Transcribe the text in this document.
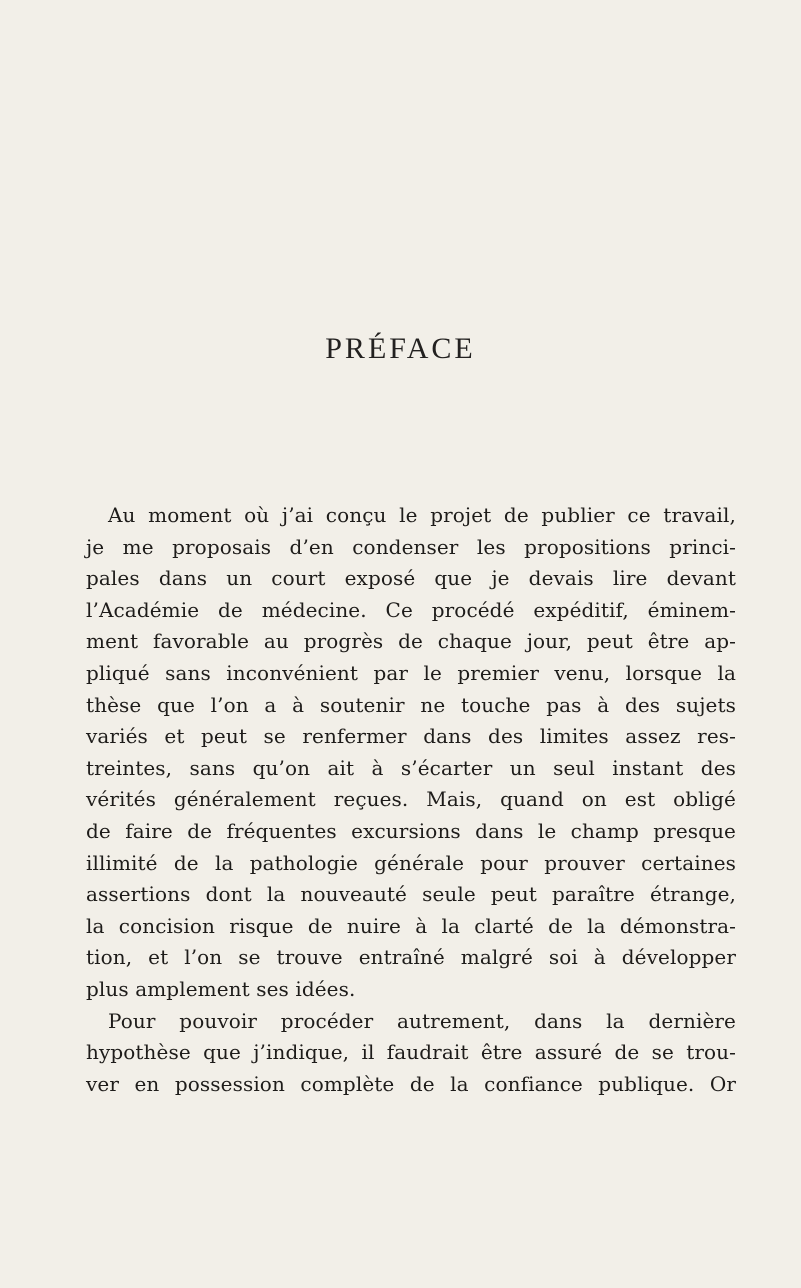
PRÉFACE
Au moment où j’ai conçu le projet de publier ce travail,
je me proposais d’en condenser les propositions princi-
pales dans un court exposé que je devais lire devant
l’Académie de médecine. Ce procédé expéditif, éminem-
ment favorable au progrès de chaque jour, peut être ap-
pliqué sans inconvénient par le premier venu, lorsque la
thèse que l’on a à soutenir ne touche pas à des sujets
variés et peut se renfermer dans des limites assez res-
treintes, sans qu’on ait à s’écarter un seul instant des
vérités généralement reçues. Mais, quand on est obligé
de faire de fréquentes excursions dans le champ presque
illimité de la pathologie générale pour prouver certaines
assertions dont la nouveauté seule peut paraître étrange,
la concision risque de nuire à la clarté de la démonstra-
tion, et l’on se trouve entraîné malgré soi à développer
plus amplement ses idées.
Pour pouvoir procéder autrement, dans la dernière
hypothèse que j’indique, il faudrait être assuré de se trou-
ver en possession complète de la confiance publique. Or
